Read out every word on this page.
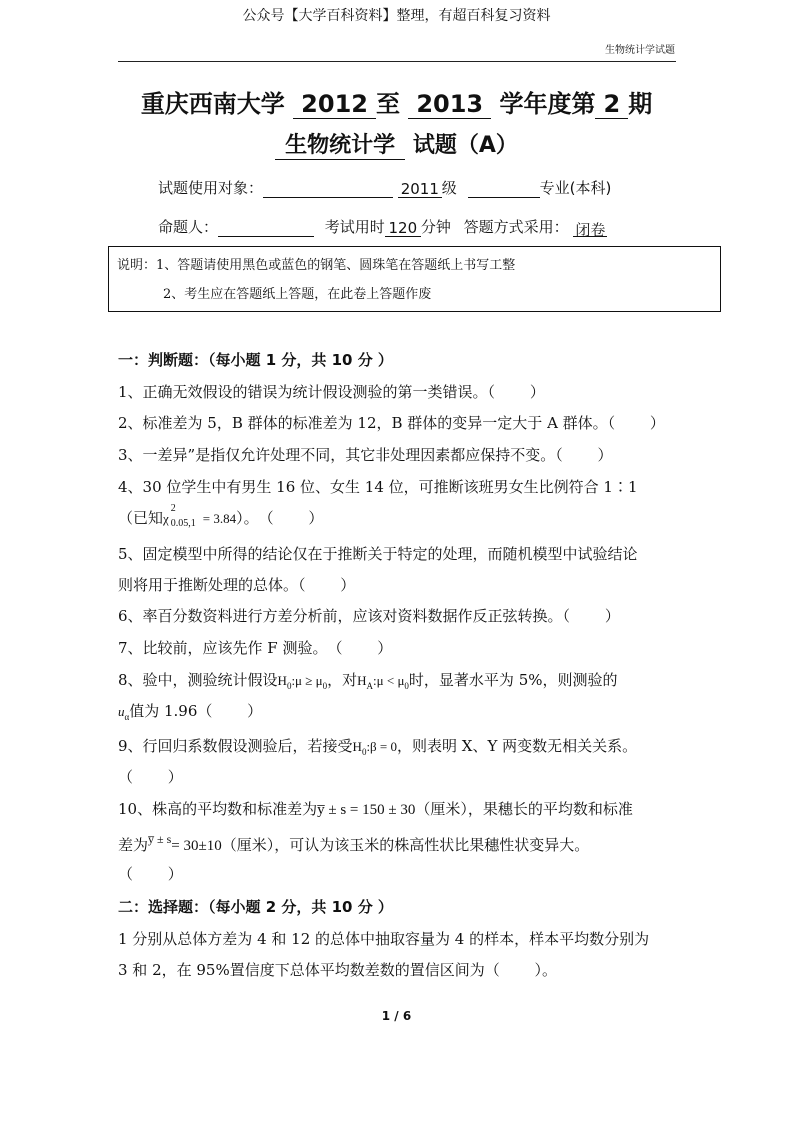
公众号【大学百科资料】整理，有超百科复习资料
生物统计学试题
重庆西南大学 2012 至 2013 学年度第 2 期
生物统计学 试题（A）
试题使用对象：	2011 级	专业(本科)
命题人：	考试用时 120 分钟 答题方式采用： 闭卷
说明：1、答题请使用黑色或蓝色的钢笔、圆珠笔在答题纸上书写工整
2、考生应在答题纸上答题，在此卷上答题作废
一：判断题：（每小题 1 分，共 10 分 ）
1、正确无效假设的错误为统计假设测验的第一类错误。（　　 ）
2、标准差为 5，B 群体的标准差为 12，B 群体的变异一定大于 A 群体。（　　 ）
3、一差异”是指仅允许处理不同，其它非处理因素都应保持不变。（　　 ）
4、30 位学生中有男生 16 位、女生 14 位，可推断该班男女生比例符合 1∶1
（已知χ
2
0.05,1 = 3.84）。　（　　 ）
5、固定模型中所得的结论仅在于推断关于特定的处理，而随机模型中试验结论
则将用于推断处理的总体。（　　 ）
6、率百分数资料进行方差分析前，应该对资料数据作反正弦转换。（　　 ）
7、比较前，应该先作 F 测验。　（　　 ）
8、验中，测验统计假设$H_0:\mu \ge \mu_0$，对$H_A:\mu < \mu_0$时，显著水平为 5%，则测验的
$u_\alpha$值为 1.96（　　 ）
9、行回归系数假设测验后，若接受$H_0:\beta = 0$，则表明 X、Y 两变数无相关关系。
（　　 ）
10、株高的平均数和标准差为y̅ ± s = 150 ± 30（厘米），果穗长的平均数和标准
差为$^{y̅ \pm s}$= 30±10（厘米），可认为该玉米的株高性状比果穗性状变异大。
（　　 ）
二：选择题：（每小题 2 分，共 10 分 ）
1 分别从总体方差为 4 和 12 的总体中抽取容量为 4 的样本，样本平均数分别为
3 和 2，在 95%置信度下总体平均数差数的置信区间为（　　 ）。
1 / 6
